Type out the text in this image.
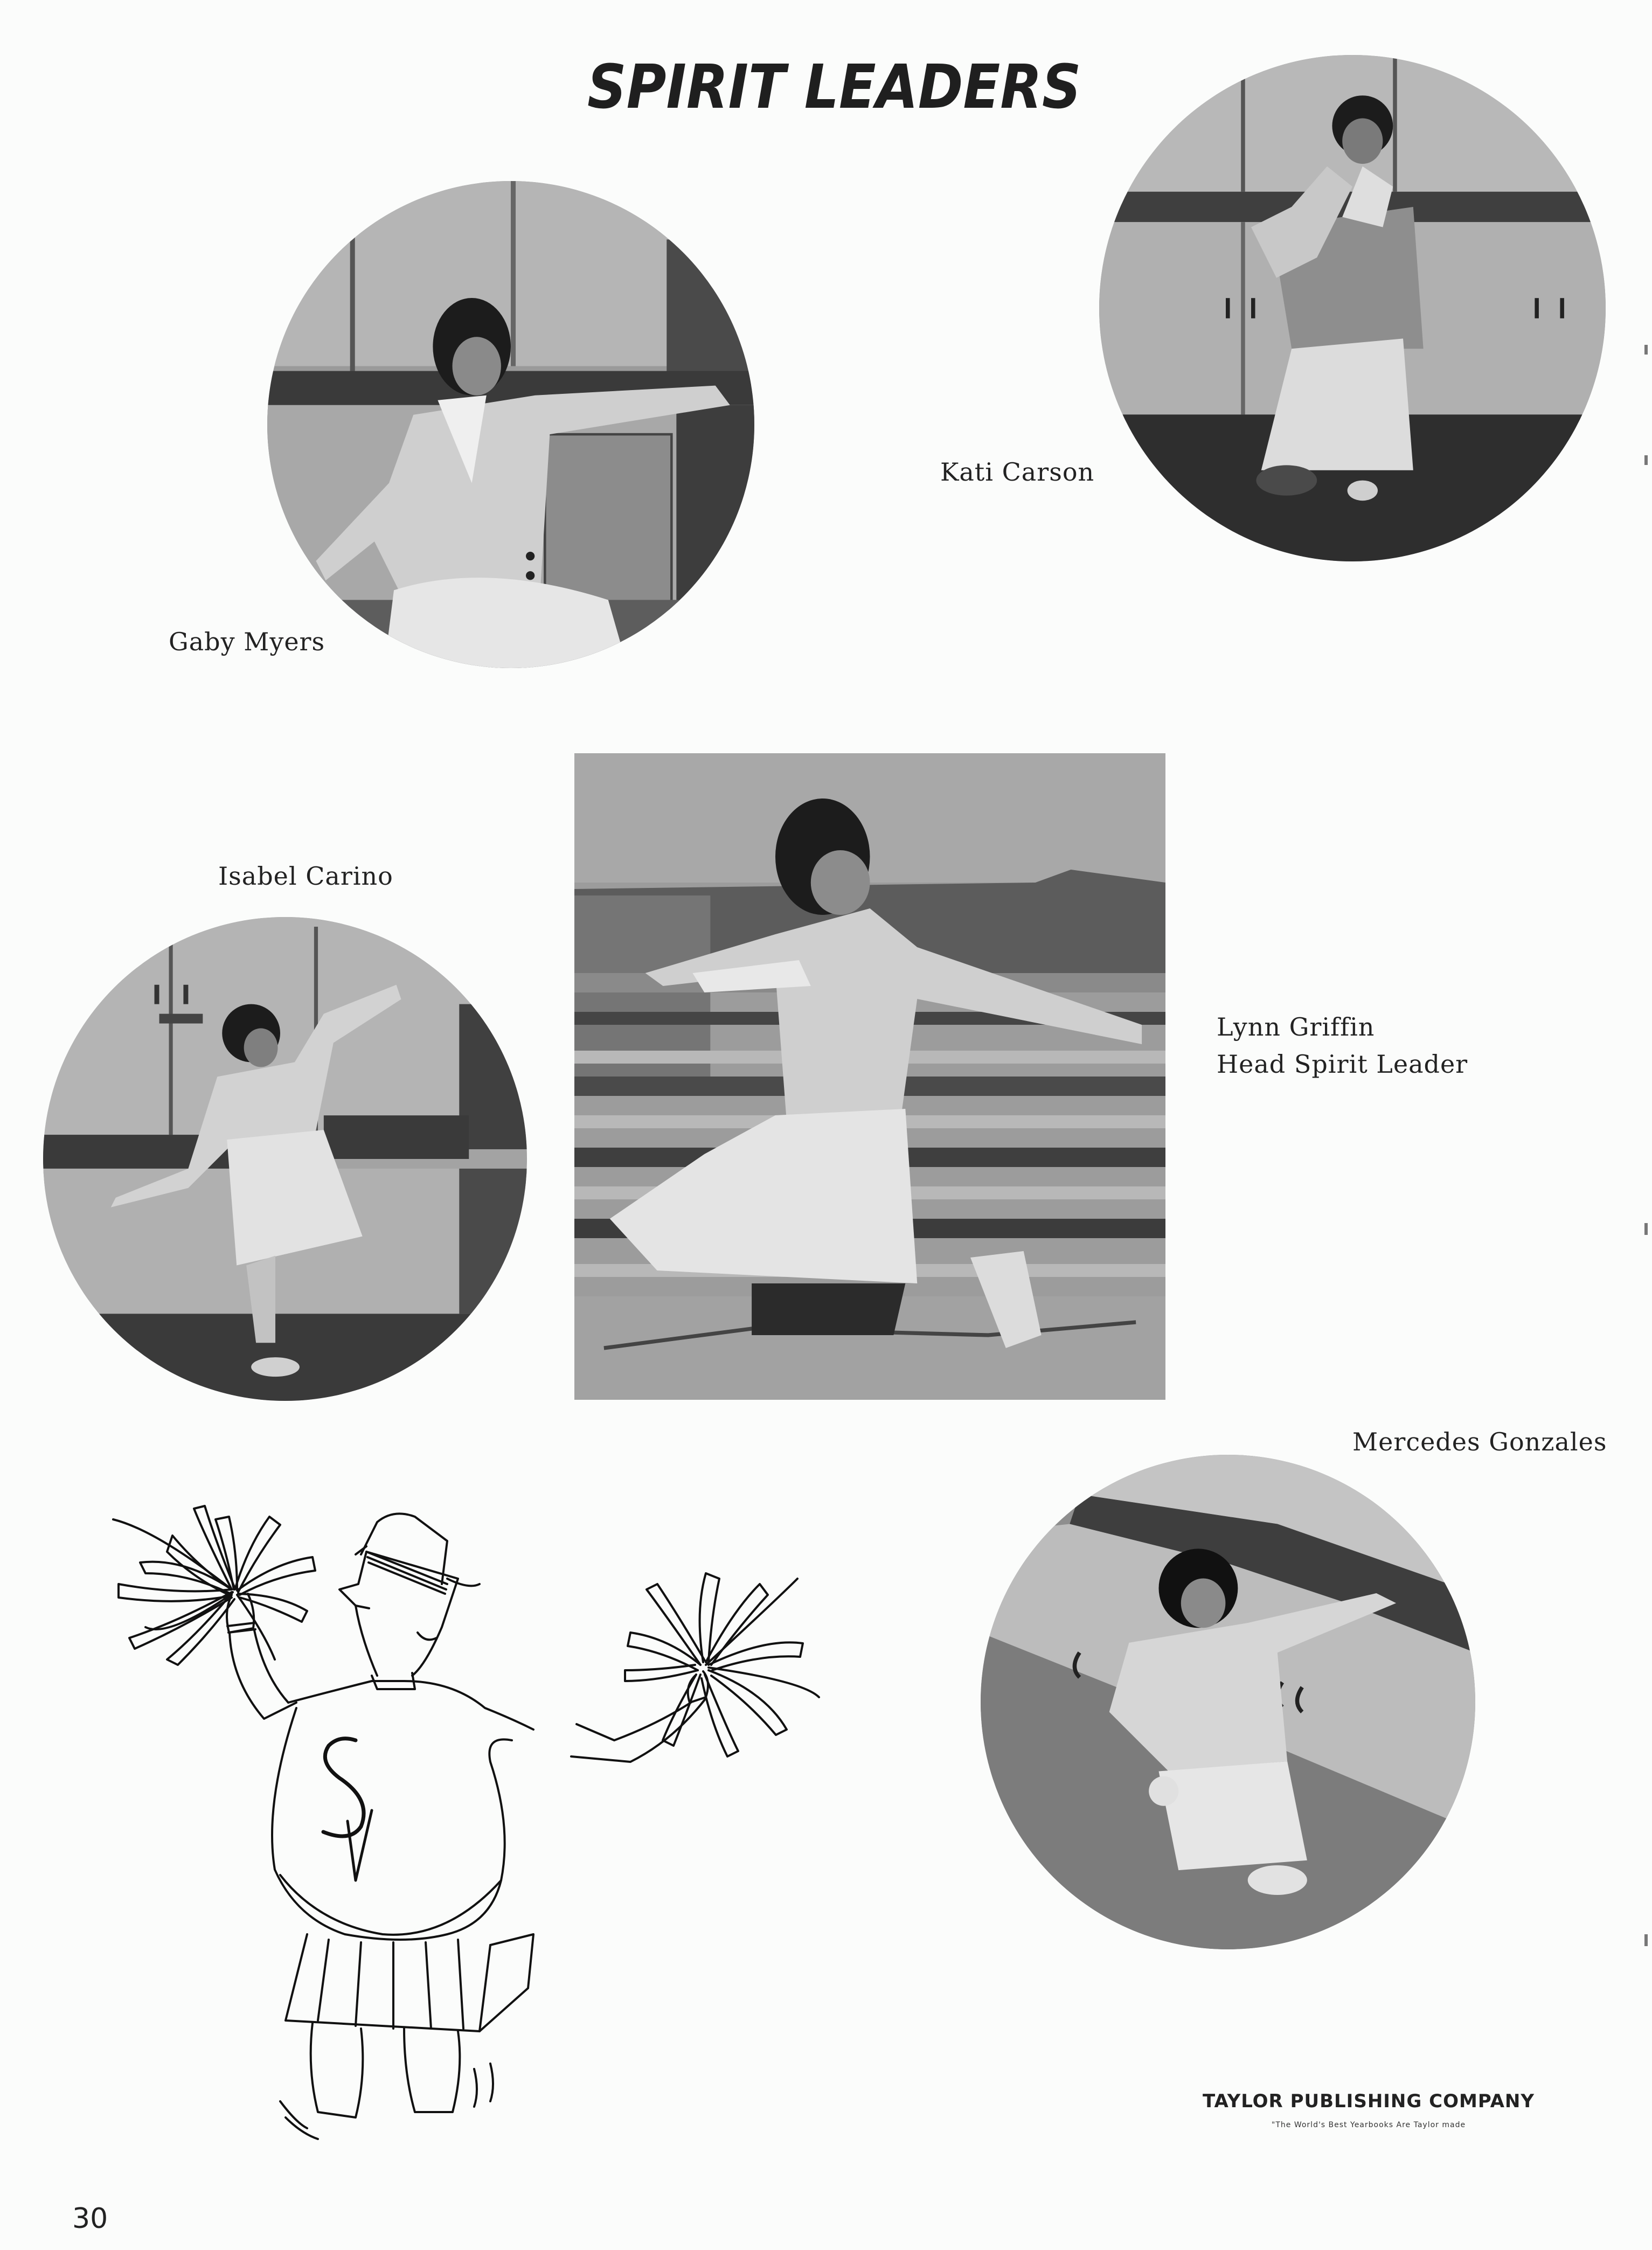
SPIRIT LEADERS
Gaby Myers
Kati Carson
Isabel Carino
Lynn Griffin
Head Spirit Leader
Mercedes Gonzales
TAYLOR PUBLISHING COMPANY
"The World's Best Yearbooks Are Taylor made
30
